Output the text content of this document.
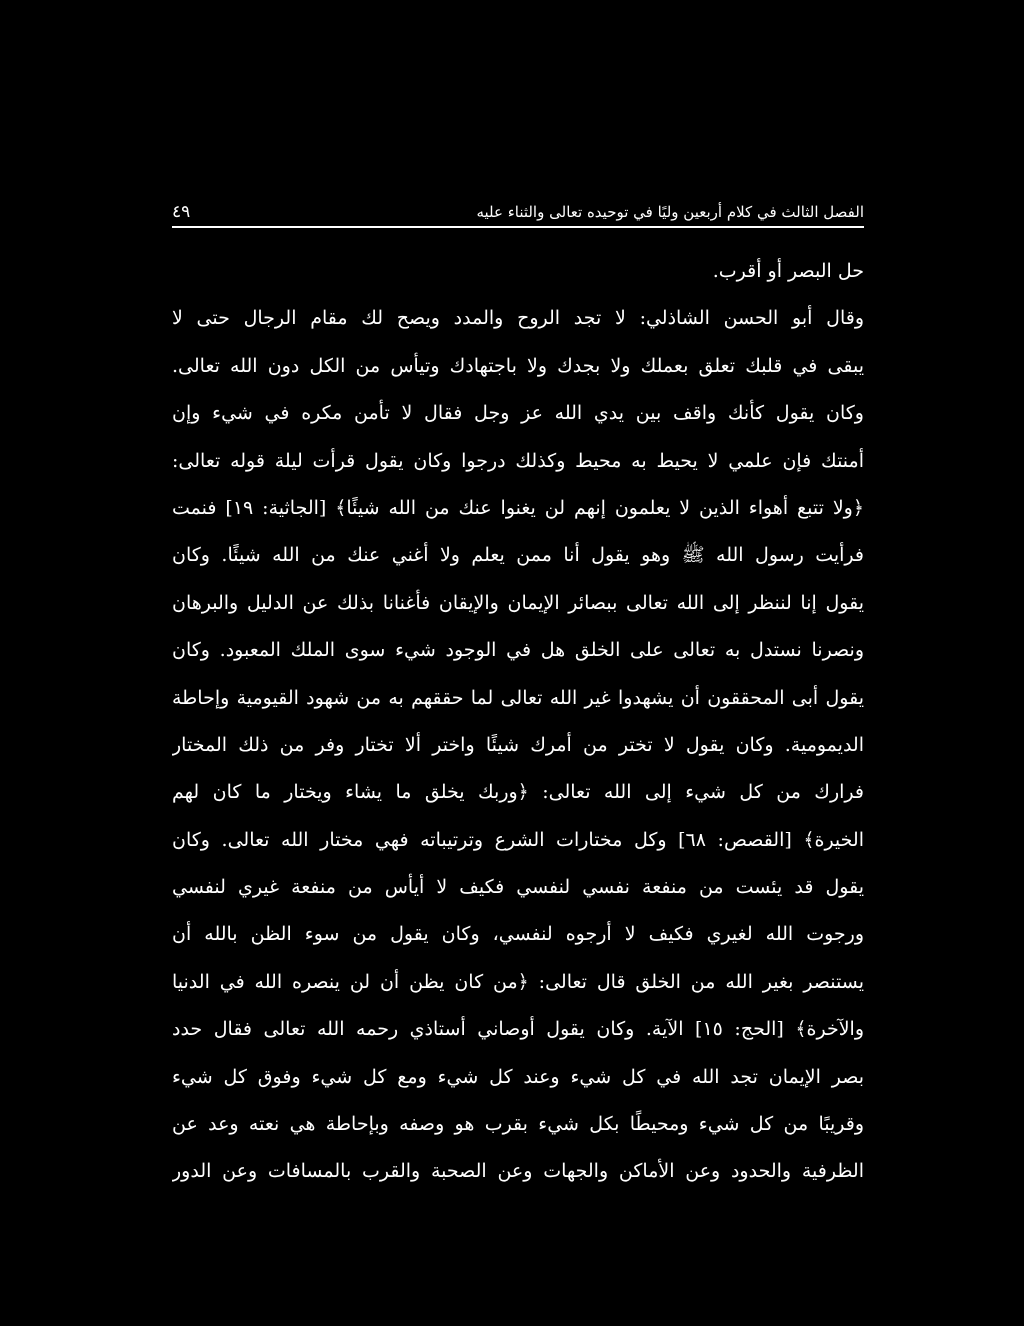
الفصل الثالث في كلام أربعين وليًا في توحيده تعالى والثناء عليه
٤٩
حل البصر أو أقرب.
وقال أبو الحسن الشاذلي: لا تجد الروح والمدد ويصح لك مقام الرجال حتى لا
يبقى في قلبك تعلق بعملك ولا بجدك ولا باجتهادك وتيأس من الكل دون الله تعالى.
وكان يقول كأنك واقف بين يدي الله عز وجل فقال لا تأمن مكره في شيء وإن
أمنتك فإن علمي لا يحيط به محيط وكذلك درجوا وكان يقول قرأت ليلة قوله تعالى:
﴿ولا تتبع أهواء الذين لا يعلمون إنهم لن يغنوا عنك من الله شيئًا﴾ [الجاثية: ١٩] فنمت
فرأيت رسول الله ﷺ وهو يقول أنا ممن يعلم ولا أغني عنك من الله شيئًا. وكان
يقول إنا لننظر إلى الله تعالى ببصائر الإيمان والإيقان فأغنانا بذلك عن الدليل والبرهان
ونصرنا نستدل به تعالى على الخلق هل في الوجود شيء سوى الملك المعبود. وكان
يقول أبى المحققون أن يشهدوا غير الله تعالى لما حققهم به من شهود القيومية وإحاطة
الديمومية. وكان يقول لا تختر من أمرك شيئًا واختر ألا تختار وفر من ذلك المختار
فرارك من كل شيء إلى الله تعالى: ﴿وربك يخلق ما يشاء ويختار ما كان لهم
الخيرة﴾ [القصص: ٦٨] وكل مختارات الشرع وترتيباته فهي مختار الله تعالى. وكان
يقول قد يئست من منفعة نفسي لنفسي فكيف لا أيأس من منفعة غيري لنفسي
ورجوت الله لغيري فكيف لا أرجوه لنفسي، وكان يقول من سوء الظن بالله أن
يستنصر بغير الله من الخلق قال تعالى: ﴿من كان يظن أن لن ينصره الله في الدنيا
والآخرة﴾ [الحج: ١٥] الآية. وكان يقول أوصاني أستاذي رحمه الله تعالى فقال حدد
بصر الإيمان تجد الله في كل شيء وعند كل شيء ومع كل شيء وفوق كل شيء
وقريبًا من كل شيء ومحيطًا بكل شيء بقرب هو وصفه وبإحاطة هي نعته وعد عن
الظرفية والحدود وعن الأماكن والجهات وعن الصحبة والقرب بالمسافات وعن الدور
